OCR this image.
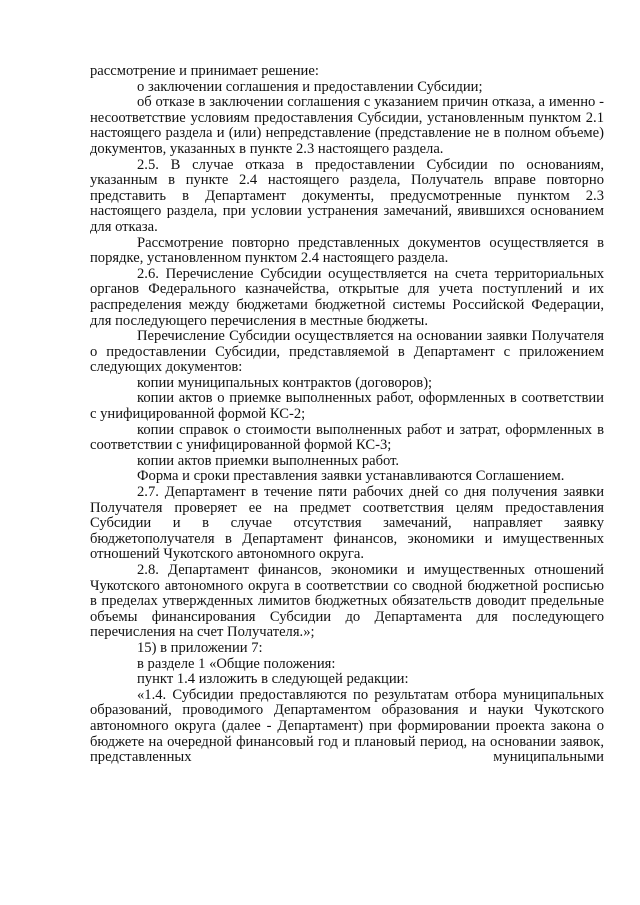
рассмотрение и принимает решение:

о заключении соглашения и предоставлении Субсидии;

об отказе в заключении соглашения с указанием причин отказа, а именно - несоответствие условиям предоставления Субсидии, установленным пунктом 2.1 настоящего раздела и (или) непредставление (представление не в полном объеме) документов, указанных в пункте 2.3 настоящего раздела.

2.5. В случае отказа в предоставлении Субсидии по основаниям, указанным в пункте 2.4 настоящего раздела, Получатель вправе повторно представить в Департамент документы, предусмотренные пунктом 2.3 настоящего раздела, при условии устранения замечаний, явившихся основанием для отказа.

Рассмотрение повторно представленных документов осуществляется в порядке, установленном пунктом 2.4 настоящего раздела.

2.6. Перечисление Субсидии осуществляется на счета территориальных органов Федерального казначейства, открытые для учета поступлений и их распределения между бюджетами бюджетной системы Российской Федерации, для последующего перечисления в местные бюджеты.

Перечисление Субсидии осуществляется на основании заявки Получателя о предоставлении Субсидии, представляемой в Департамент с приложением следующих документов:

копии муниципальных контрактов (договоров);

копии актов о приемке выполненных работ, оформленных в соответствии с унифицированной формой КС-2;

копии справок о стоимости выполненных работ и затрат, оформленных в соответствии с унифицированной формой КС-3;

копии актов приемки выполненных работ.

Форма и сроки преставления заявки устанавливаются Соглашением.

2.7. Департамент в течение пяти рабочих дней со дня получения заявки Получателя проверяет ее на предмет соответствия целям предоставления Субсидии и в случае отсутствия замечаний, направляет заявку бюджетополучателя в Департамент финансов, экономики и имущественных отношений Чукотского автономного округа.

2.8. Департамент финансов, экономики и имущественных отношений Чукотского автономного округа в соответствии со сводной бюджетной росписью в пределах утвержденных лимитов бюджетных обязательств доводит предельные объемы финансирования Субсидии до Департамента для последующего перечисления на счет Получателя.»;

15) в приложении 7:

в разделе 1 «Общие положения:

пункт 1.4 изложить в следующей редакции:

«1.4. Субсидии предоставляются по результатам отбора муниципальных образований, проводимого Департаментом образования и науки Чукотского автономного округа (далее - Департамент) при формировании проекта закона о бюджете на очередной финансовый год и плановый период, на основании заявок, представленных муниципальными
